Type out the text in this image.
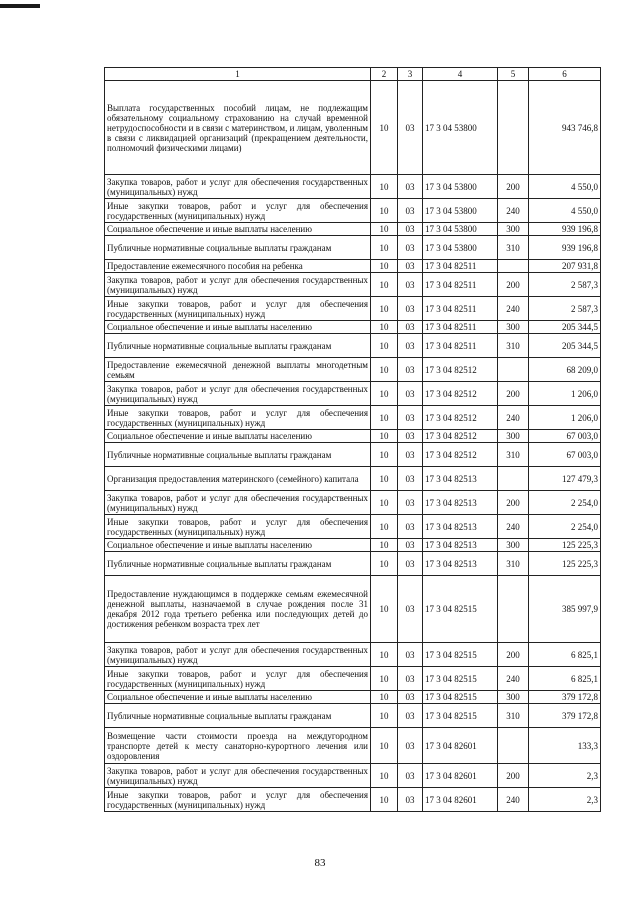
1	2	3	4	5	6
Выплата государственных пособий лицам, не подлежащим обязательному социальному страхованию на случай временной нетрудоспособности и в связи с материнством, и лицам, уволенным в связи с ликвидацией организаций (прекращением деятельности, полномочий физическими лицами)	10	03	17 3 04 53800		943 746,8
Закупка товаров, работ и услуг для обеспечения государственных (муниципальных) нужд	10	03	17 3 04 53800	200	4 550,0
Иные закупки товаров, работ и услуг для обеспечения государственных (муниципальных) нужд	10	03	17 3 04 53800	240	4 550,0
Социальное обеспечение и иные выплаты населению	10	03	17 3 04 53800	300	939 196,8
Публичные нормативные социальные выплаты гражданам	10	03	17 3 04 53800	310	939 196,8
Предоставление ежемесячного пособия на ребенка	10	03	17 3 04 82511		207 931,8
Закупка товаров, работ и услуг для обеспечения государственных (муниципальных) нужд	10	03	17 3 04 82511	200	2 587,3
Иные закупки товаров, работ и услуг для обеспечения государственных (муниципальных) нужд	10	03	17 3 04 82511	240	2 587,3
Социальное обеспечение и иные выплаты населению	10	03	17 3 04 82511	300	205 344,5
Публичные нормативные социальные выплаты гражданам	10	03	17 3 04 82511	310	205 344,5
Предоставление ежемесячной денежной выплаты многодетным семьям	10	03	17 3 04 82512		68 209,0
Закупка товаров, работ и услуг для обеспечения государственных (муниципальных) нужд	10	03	17 3 04 82512	200	1 206,0
Иные закупки товаров, работ и услуг для обеспечения государственных (муниципальных) нужд	10	03	17 3 04 82512	240	1 206,0
Социальное обеспечение и иные выплаты населению	10	03	17 3 04 82512	300	67 003,0
Публичные нормативные социальные выплаты гражданам	10	03	17 3 04 82512	310	67 003,0
Организация предоставления материнского (семейного) капитала	10	03	17 3 04 82513		127 479,3
Закупка товаров, работ и услуг для обеспечения государственных (муниципальных) нужд	10	03	17 3 04 82513	200	2 254,0
Иные закупки товаров, работ и услуг для обеспечения государственных (муниципальных) нужд	10	03	17 3 04 82513	240	2 254,0
Социальное обеспечение и иные выплаты населению	10	03	17 3 04 82513	300	125 225,3
Публичные нормативные социальные выплаты гражданам	10	03	17 3 04 82513	310	125 225,3
Предоставление нуждающимся в поддержке семьям ежемесячной денежной выплаты, назначаемой в случае рождения после 31 декабря 2012 года третьего ребенка или последующих детей до достижения ребенком возраста трех лет	10	03	17 3 04 82515		385 997,9
Закупка товаров, работ и услуг для обеспечения государственных (муниципальных) нужд	10	03	17 3 04 82515	200	6 825,1
Иные закупки товаров, работ и услуг для обеспечения государственных (муниципальных) нужд	10	03	17 3 04 82515	240	6 825,1
Социальное обеспечение и иные выплаты населению	10	03	17 3 04 82515	300	379 172,8
Публичные нормативные социальные выплаты гражданам	10	03	17 3 04 82515	310	379 172,8
Возмещение части стоимости проезда на междугородном транспорте детей к месту санаторно-курортного лечения или оздоровления	10	03	17 3 04 82601		133,3
Закупка товаров, работ и услуг для обеспечения государственных (муниципальных) нужд	10	03	17 3 04 82601	200	2,3
Иные закупки товаров, работ и услуг для обеспечения государственных (муниципальных) нужд	10	03	17 3 04 82601	240	2,3
83
